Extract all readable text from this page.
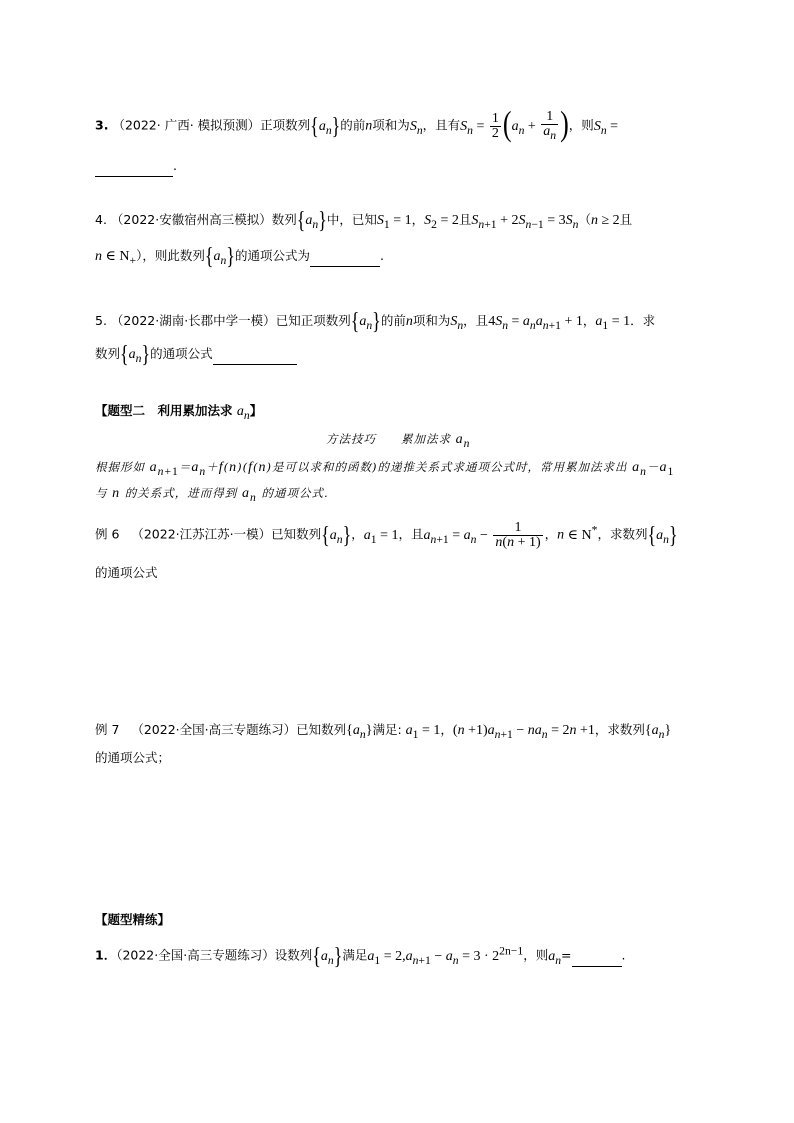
3. （2022· 广西· 模拟预测）正项数列$\{a_n\}$的前n项和为$S_n$，且有$S_n = \frac{1}{2} (a_n + \frac{1}{a_n}$ )，则$S_n$ =
.
4. （2022·安徽宿州高三模拟）数列$\{a_n\}$中，已知$S_1 = 1$，$S_2 = 2$且$S_{n+1} + 2S_{n-1} = 3S_n(n \ge 2$且
n ∈ $N_+$），则此数列$\{a_n\}$的通项公式为	.
5. （2022·湖南·长郡中学一模）已知正项数列$\{a_n\}$的前n项和为$S_n$，且$4S_n = a_na_{n+1} + 1$，$a_1 = 1$．求
数列$\{a_n\}$的通项公式
【题型二　利用累加法求 $a_n$】
方法技巧　　累加法求 $a_n$
根据形如 $a_{n+1}=a_n+f(n)(f(n)$是可以求和的函数)的递推关系式求通项公式时，常用累加法求出 $a_n-a_1$
与 n 的关系式，进而得到 $a_n$ 的通项公式.
例 6 （2022·江苏江苏·一模）已知数列$\{a_n\}$，$a_1 = 1$，且$a_{n+1} = a_n - \frac{1}{n(n + 1)}$ ，n ∈ N*，求数列$\{a_n\}$
的通项公式
例 7 （2022·全国·高三专题练习）已知数列$\{a_n\}$满足: $a_1 = 1$，$(n +1)a_{n+1} - na_n = 2n +1$，求数列$\{a_n\}$
的通项公式；
【题型精练】
1．（2022·全国·高三专题练习）设数列$\{a_n\}$满足$a_1 = 2,a_{n+1} - a_n = 3 \cdot 2^{2n-1}$，则$a_n=$	.
